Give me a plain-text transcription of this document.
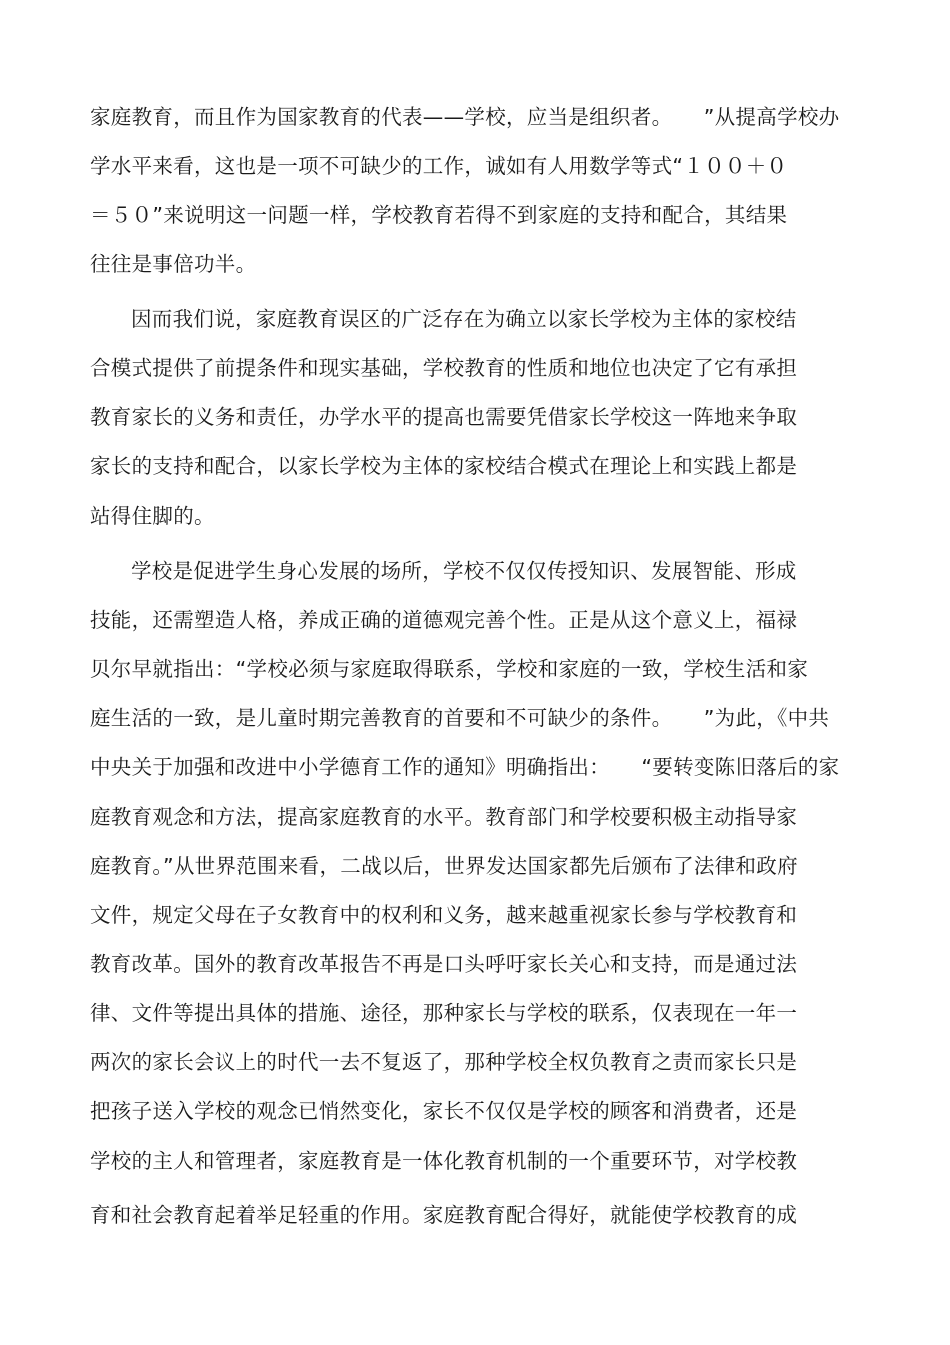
家庭教育，而且作为国家教育的代表——学校，应当是组织者。　　”从提高学校办
学水平来看，这也是一项不可缺少的工作，诚如有人用数学等式“１００＋０
＝５０”来说明这一问题一样，学校教育若得不到家庭的支持和配合，其结果
往往是事倍功半。
因而我们说，家庭教育误区的广泛存在为确立以家长学校为主体的家校结
合模式提供了前提条件和现实基础，学校教育的性质和地位也决定了它有承担
教育家长的义务和责任，办学水平的提高也需要凭借家长学校这一阵地来争取
家长的支持和配合，以家长学校为主体的家校结合模式在理论上和实践上都是
站得住脚的。
学校是促进学生身心发展的场所，学校不仅仅传授知识、发展智能、形成
技能，还需塑造人格，养成正确的道德观完善个性。正是从这个意义上，福禄
贝尔早就指出：“学校必须与家庭取得联系，学校和家庭的一致，学校生活和家
庭生活的一致，是儿童时期完善教育的首要和不可缺少的条件。　　”为此，《中共
中央关于加强和改进中小学德育工作的通知》明确指出：　　“要转变陈旧落后的家
庭教育观念和方法，提高家庭教育的水平。教育部门和学校要积极主动指导家
庭教育。”从世界范围来看，二战以后，世界发达国家都先后颁布了法律和政府
文件，规定父母在子女教育中的权利和义务，越来越重视家长参与学校教育和
教育改革。国外的教育改革报告不再是口头呼吁家长关心和支持，而是通过法
律、文件等提出具体的措施、途径，那种家长与学校的联系，仅表现在一年一
两次的家长会议上的时代一去不复返了，那种学校全权负教育之责而家长只是
把孩子送入学校的观念已悄然变化，家长不仅仅是学校的顾客和消费者，还是
学校的主人和管理者，家庭教育是一体化教育机制的一个重要环节，对学校教
育和社会教育起着举足轻重的作用。家庭教育配合得好，就能使学校教育的成
